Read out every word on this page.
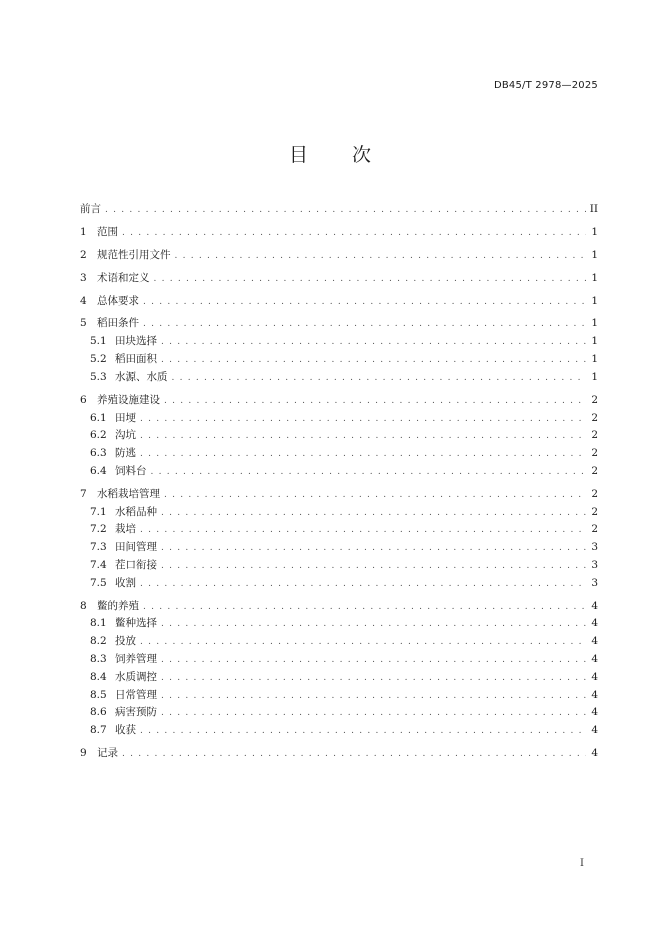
DB45/T 2978—2025
目　　次
前言 . . .	II
1 范围 . . .	1
2 规范性引用文件 . . .	1
3 术语和定义 . . .	1
4 总体要求 . . .	1
5 稻田条件 . . .	1
5.1 田块选择 . . .	1
5.2 稻田面积 . . .	1
5.3 水源、水质 . . .	1
6 养殖设施建设 . . .	2
6.1 田埂 . . .	2
6.2 沟坑 . . .	2
6.3 防逃 . . .	2
6.4 饲料台 . . .	2
7 水稻栽培管理 . . .	2
7.1 水稻品种 . . .	2
7.2 栽培 . . .	2
7.3 田间管理 . . .	3
7.4 茬口衔接 . . .	3
7.5 收割 . . .	3
8 鳖的养殖 . . .	4
8.1 鳖种选择 . . .	4
8.2 投放 . . .	4
8.3 饲养管理 . . .	4
8.4 水质调控 . . .	4
8.5 日常管理 . . .	4
8.6 病害预防 . . .	4
8.7 收获 . . .	4
9 记录 . . .	4
I
